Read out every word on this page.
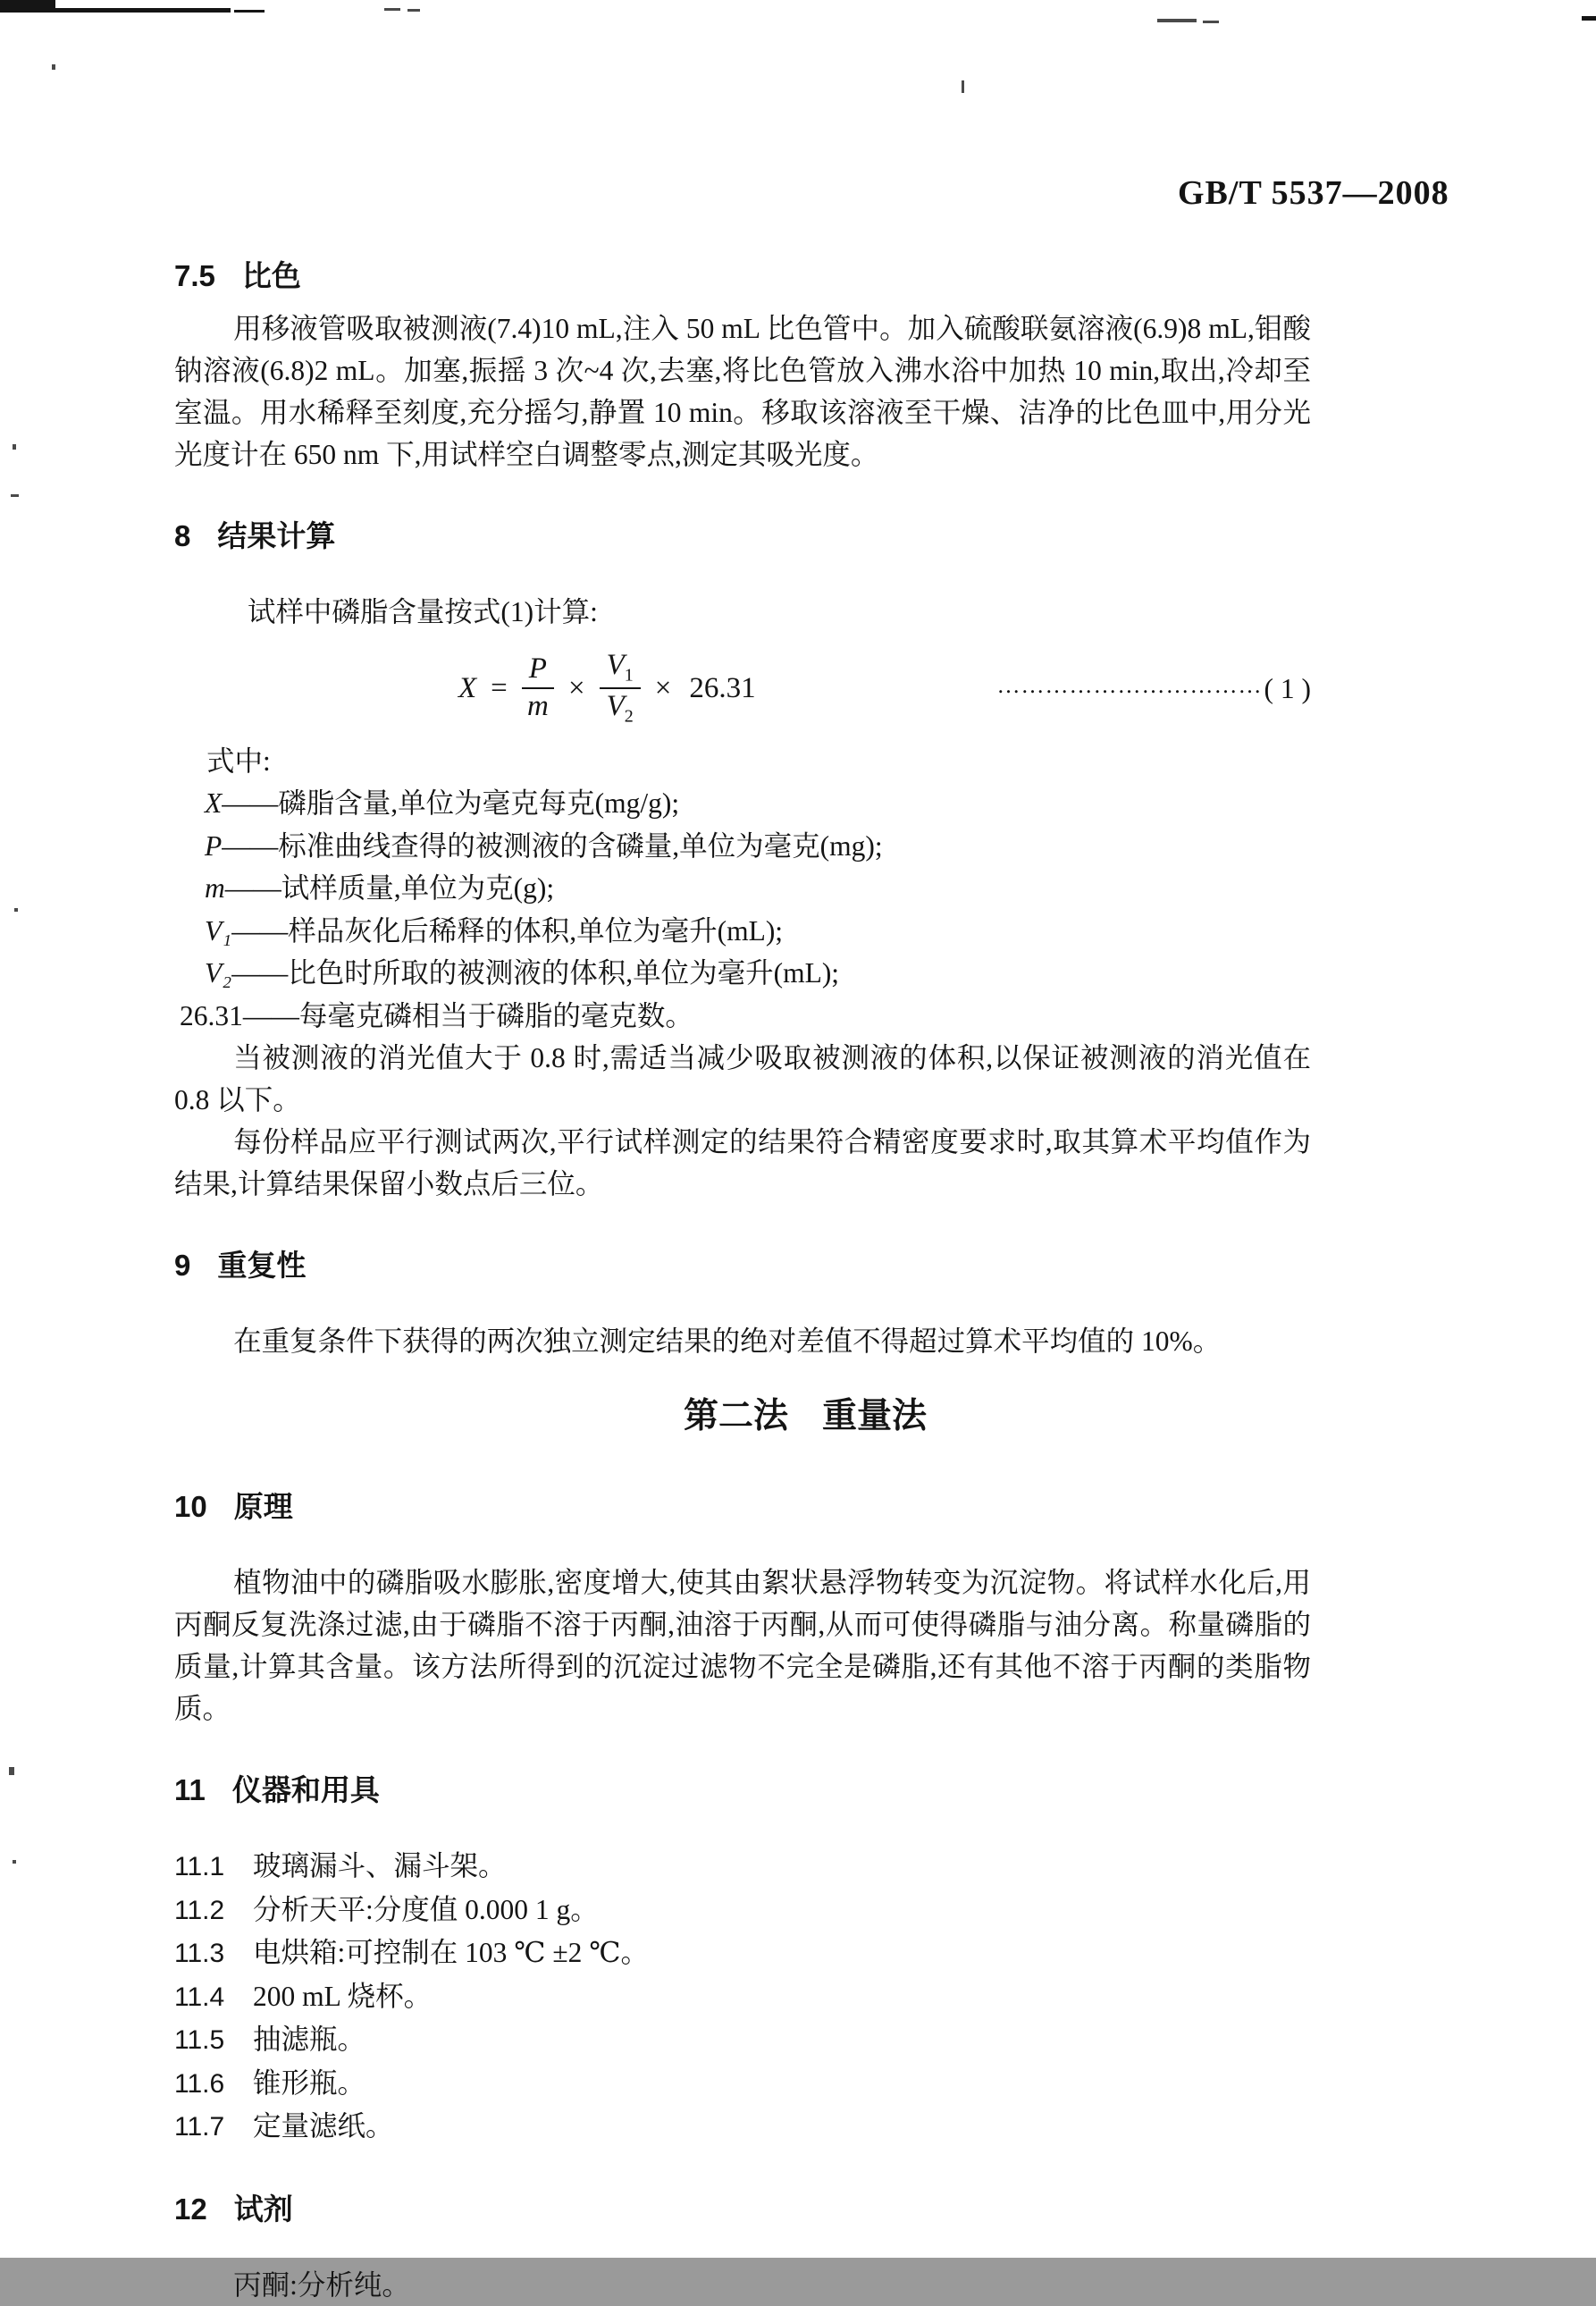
GB/T 5537—2008
7.5 比色

用移液管吸取被测液(7.4)10 mL,注入 50 mL 比色管中。加入硫酸联氨溶液(6.9)8 mL,钼酸钠溶液(6.8)2 mL。加塞,振摇 3 次~4 次,去塞,将比色管放入沸水浴中加热 10 min,取出,冷却至室温。用水稀释至刻度,充分摇匀,静置 10 min。移取该溶液至干燥、洁净的比色皿中,用分光光度计在 650 nm 下,用试样空白调整零点,测定其吸光度。

8 结果计算

试样中磷脂含量按式(1)计算:

$X = \frac{P}{m} \times \frac{V_1}{V_2} \times 26.31$	…………………………… ( 1 )

式中:

X——磷脂含量,单位为毫克每克(mg/g);
P——标准曲线查得的被测液的含磷量,单位为毫克(mg);
m——试样质量,单位为克(g);
V₁——样品灰化后稀释的体积,单位为毫升(mL);
V₂——比色时所取的被测液的体积,单位为毫升(mL);
26.31——每毫克磷相当于磷脂的毫克数。

当被测液的消光值大于 0.8 时,需适当减少吸取被测液的体积,以保证被测液的消光值在 0.8 以下。

每份样品应平行测试两次,平行试样测定的结果符合精密度要求时,取其算术平均值作为结果,计算结果保留小数点后三位。

9 重复性

在重复条件下获得的两次独立测定结果的绝对差值不得超过算术平均值的 10%。

第二法 重量法
10 原理

植物油中的磷脂吸水膨胀,密度增大,使其由絮状悬浮物转变为沉淀物。将试样水化后,用丙酮反复洗涤过滤,由于磷脂不溶于丙酮,油溶于丙酮,从而可使得磷脂与油分离。称量磷脂的质量,计算其含量。该方法所得到的沉淀过滤物不完全是磷脂,还有其他不溶于丙酮的类脂物质。

11 仪器和用具
11.1 玻璃漏斗、漏斗架。
11.2 分析天平:分度值 0.000 1 g。
11.3 电烘箱:可控制在 103 ℃ ±2 ℃。
11.4 200 mL 烧杯。
11.5 抽滤瓶。
11.6 锥形瓶。
11.7 定量滤纸。
12 试剂

丙酮:分析纯。
